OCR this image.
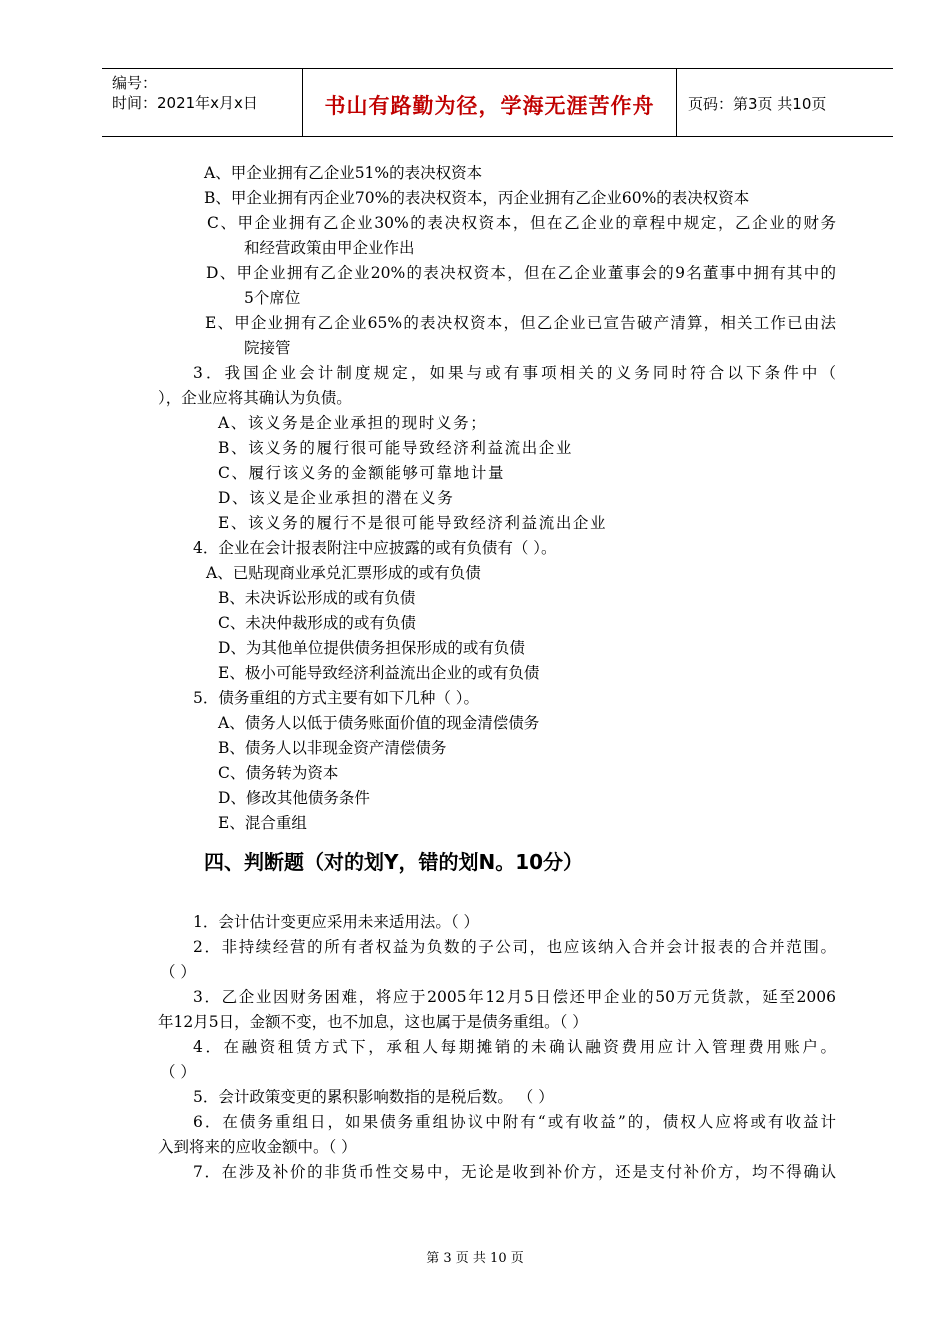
编号：
时间：2021年x月x日	书山有路勤为径，学海无涯苦作舟	页码：第3页 共10页
A、甲企业拥有乙企业51%的表决权资本
B、甲企业拥有丙企业70%的表决权资本，丙企业拥有乙企业60%的表决权资本
C、甲企业拥有乙企业30%的表决权资本，但在乙企业的章程中规定，乙企业的财务
和经营政策由甲企业作出
D、甲企业拥有乙企业20%的表决权资本，但在乙企业董事会的9名董事中拥有其中的
5个席位
E、甲企业拥有乙企业65%的表决权资本，但乙企业已宣告破产清算，相关工作已由法
院接管
3．我国企业会计制度规定，如果与或有事项相关的义务同时符合以下条件中（
），企业应将其确认为负债。
A、该义务是企业承担的现时义务；
B、该义务的履行很可能导致经济利益流出企业
C、履行该义务的金额能够可靠地计量
D、该义是企业承担的潜在义务
E、该义务的履行不是很可能导致经济利益流出企业
4．企业在会计报表附注中应披露的或有负债有（ ）。
A、已贴现商业承兑汇票形成的或有负债
B、未决诉讼形成的或有负债
C、未决仲裁形成的或有负债
D、为其他单位提供债务担保形成的或有负债
E、极小可能导致经济利益流出企业的或有负债
5．债务重组的方式主要有如下几种（ ）。
A、债务人以低于债务账面价值的现金清偿债务
B、债务人以非现金资产清偿债务
C、债务转为资本
D、修改其他债务条件
E、混合重组
四、判断题（对的划Y，错的划N。10分）
1．会计估计变更应采用未来适用法。（ ）
2．非持续经营的所有者权益为负数的子公司，也应该纳入合并会计报表的合并范围。
（ ）
3．乙企业因财务困难，将应于2005年12月5日偿还甲企业的50万元货款，延至2006
年12月5日，金额不变，也不加息，这也属于是债务重组。（ ）
4．在融资租赁方式下，承租人每期摊销的未确认融资费用应计入管理费用账户。
（ ）
5．会计政策变更的累积影响数指的是税后数。 （ ）
6．在债务重组日，如果债务重组协议中附有“或有收益”的，债权人应将或有收益计
入到将来的应收金额中。（ ）
7．在涉及补价的非货币性交易中，无论是收到补价方，还是支付补价方，均不得确认
第 3 页 共 10 页
